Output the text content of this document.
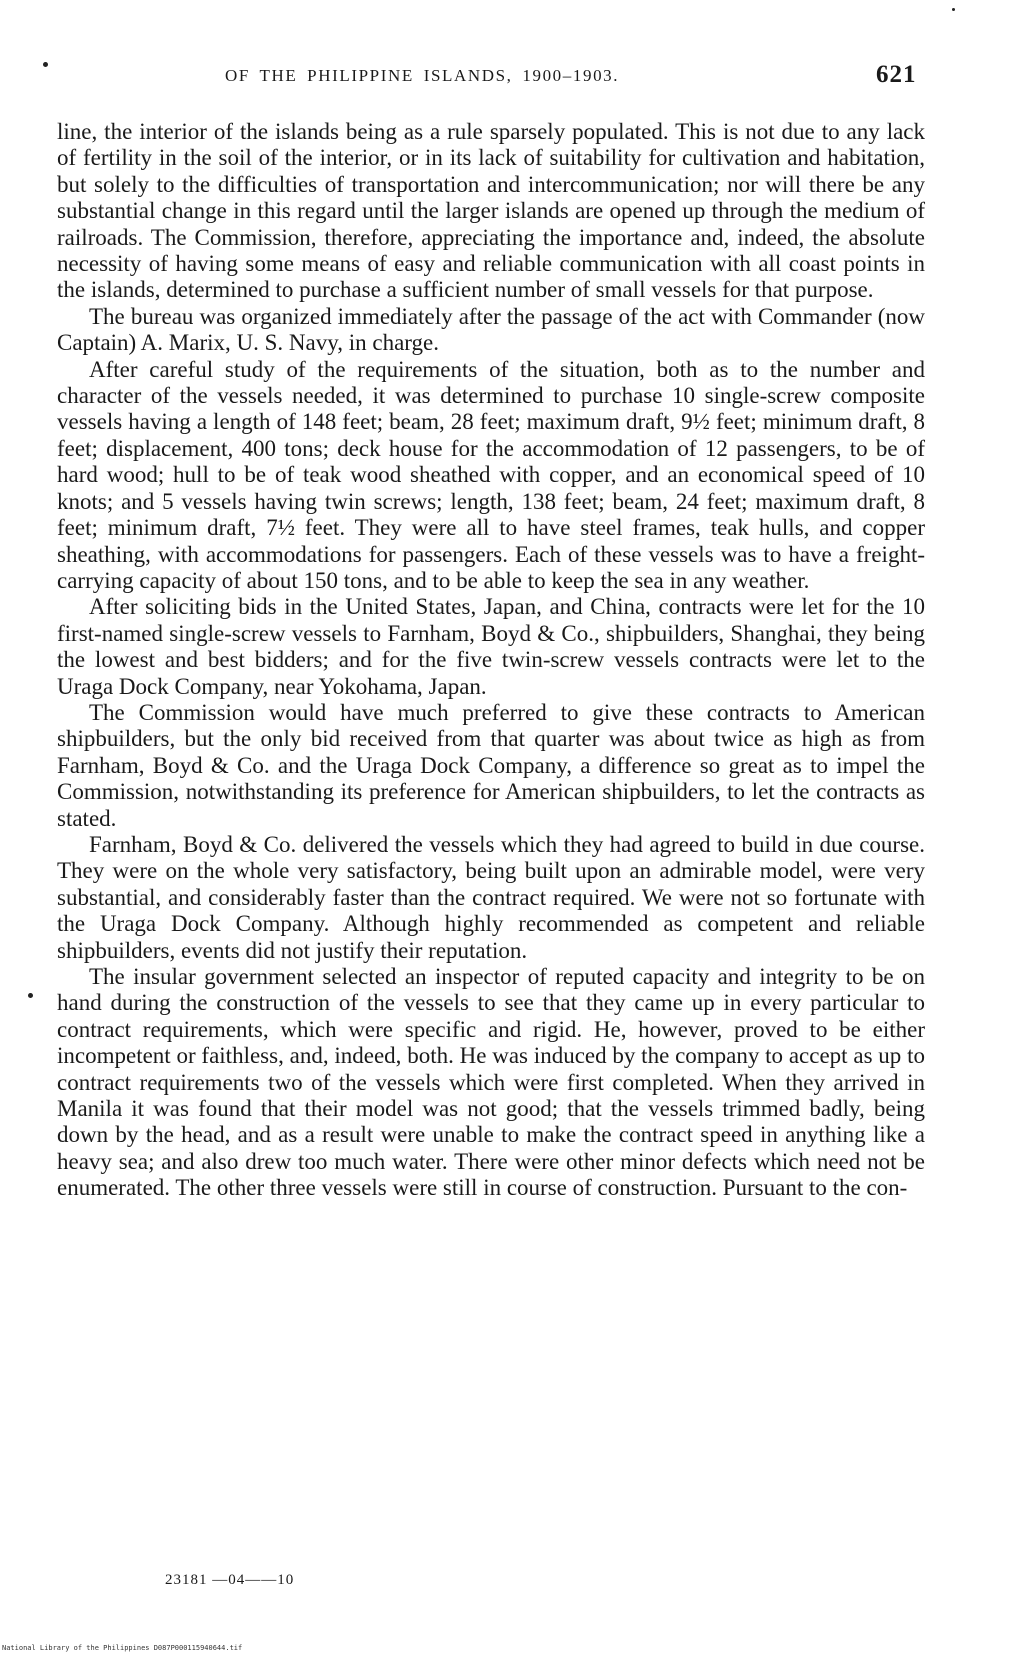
OF THE PHILIPPINE ISLANDS, 1900–1903.	621

line, the interior of the islands being as a rule sparsely populated. This is not due to any lack of fertility in the soil of the interior, or in its lack of suitability for cultivation and habitation, but solely to the difficulties of transportation and intercommunication; nor will there be any substantial change in this regard until the larger islands are opened up through the medium of railroads. The Commission, therefore, appreciating the importance and, indeed, the absolute necessity of having some means of easy and reliable communication with all coast points in the islands, determined to purchase a sufficient number of small vessels for that purpose.

The bureau was organized immediately after the passage of the act with Commander (now Captain) A. Marix, U. S. Navy, in charge.

After careful study of the requirements of the situation, both as to the number and character of the vessels needed, it was determined to purchase 10 single-screw composite vessels having a length of 148 feet; beam, 28 feet; maximum draft, 9½ feet; minimum draft, 8 feet; displacement, 400 tons; deck house for the accommodation of 12 passengers, to be of hard wood; hull to be of teak wood sheathed with copper, and an economical speed of 10 knots; and 5 vessels having twin screws; length, 138 feet; beam, 24 feet; maximum draft, 8 feet; minimum draft, 7½ feet. They were all to have steel frames, teak hulls, and copper sheathing, with accommodations for passengers. Each of these vessels was to have a freight-carrying capacity of about 150 tons, and to be able to keep the sea in any weather.

After soliciting bids in the United States, Japan, and China, contracts were let for the 10 first-named single-screw vessels to Farnham, Boyd & Co., shipbuilders, Shanghai, they being the lowest and best bidders; and for the five twin-screw vessels contracts were let to the Uraga Dock Company, near Yokohama, Japan.

The Commission would have much preferred to give these contracts to American shipbuilders, but the only bid received from that quarter was about twice as high as from Farnham, Boyd & Co. and the Uraga Dock Company, a difference so great as to impel the Commission, notwithstanding its preference for American shipbuilders, to let the contracts as stated.

Farnham, Boyd & Co. delivered the vessels which they had agreed to build in due course. They were on the whole very satisfactory, being built upon an admirable model, were very substantial, and considerably faster than the contract required. We were not so fortunate with the Uraga Dock Company. Although highly recommended as competent and reliable shipbuilders, events did not justify their reputation.

The insular government selected an inspector of reputed capacity and integrity to be on hand during the construction of the vessels to see that they came up in every particular to contract requirements, which were specific and rigid. He, however, proved to be either incompetent or faithless, and, indeed, both. He was induced by the company to accept as up to contract requirements two of the vessels which were first completed. When they arrived in Manila it was found that their model was not good; that the vessels trimmed badly, being down by the head, and as a result were unable to make the contract speed in anything like a heavy sea; and also drew too much water. There were other minor defects which need not be enumerated. The other three vessels were still in course of construction. Pursuant to the con-

23181 —04——10
National Library of the Philippines D087P000115940644.tif
